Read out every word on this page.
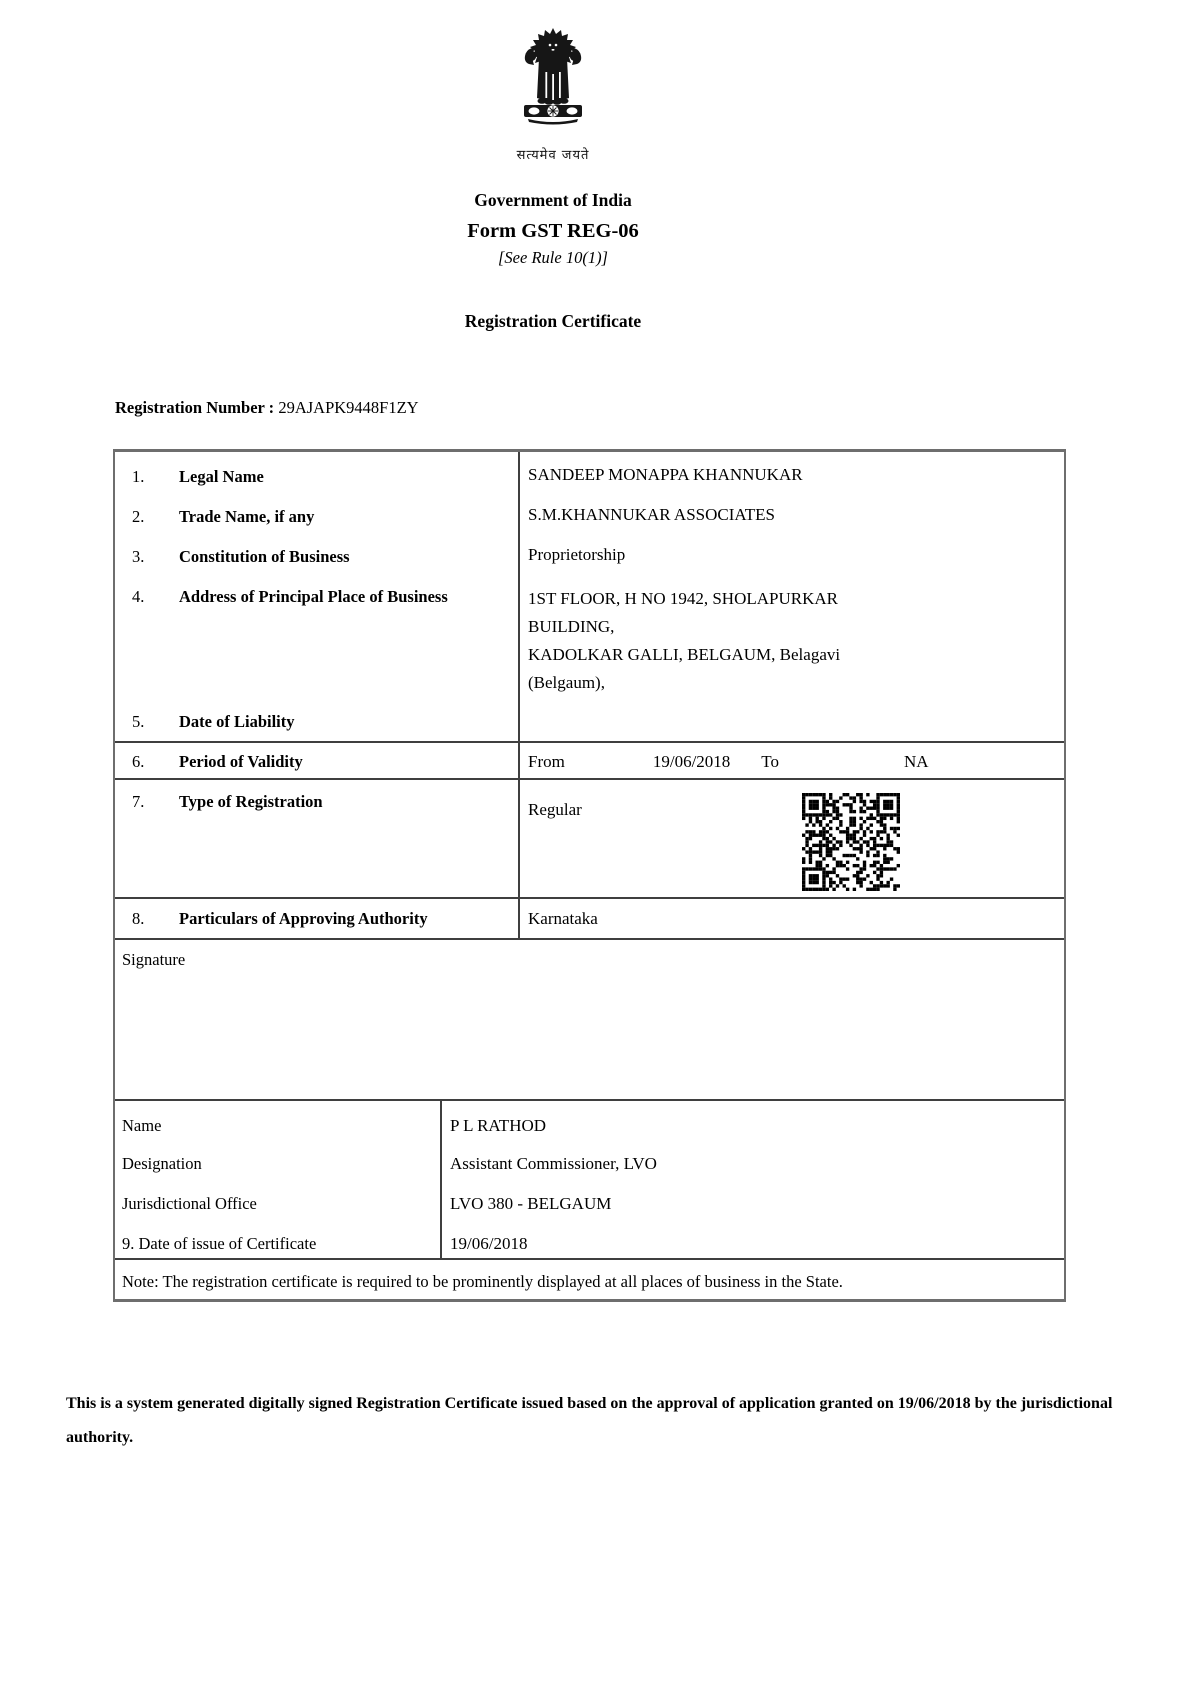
सत्यमेव जयते
Government of India
Form GST REG-06
[See Rule 10(1)]
Registration Certificate
Registration Number : 29AJAPK9448F1ZY
1. Legal Name	SANDEEP MONAPPA KHANNUKAR
2. Trade Name, if any	S.M.KHANNUKAR ASSOCIATES
3. Constitution of Business	Proprietorship
4. Address of Principal Place of Business	1ST FLOOR, H NO 1942, SHOLAPURKAR BUILDING,
KADOLKAR GALLI, BELGAUM, Belagavi (Belgaum),
5. Date of Liability
6. Period of Validity	From	19/06/2018 To	NA
7. Type of Registration	Regular
8. Particulars of Approving Authority	Karnataka
Signature
Name	P L RATHOD
Designation	Assistant Commissioner, LVO
Jurisdictional Office	LVO 380 - BELGAUM
9. Date of issue of Certificate	19/06/2018
Note: The registration certificate is required to be prominently displayed at all places of business in the State.
This is a system generated digitally signed Registration Certificate issued based on the approval of application granted on 19/06/2018 by the jurisdictional authority.
